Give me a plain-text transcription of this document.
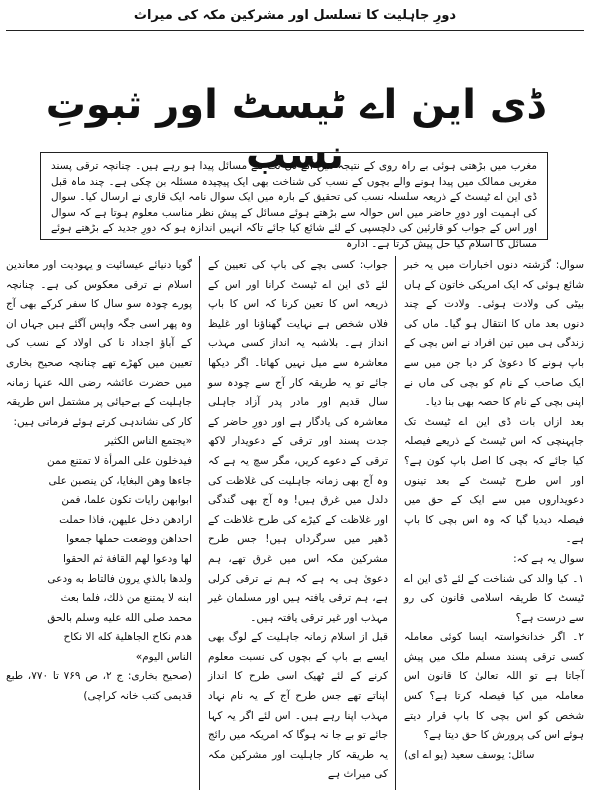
دورِ جاہلیت کا تسلسل اور مشرکین مکہ کی میراث
ڈی این اے ٹیسٹ اور ثبوتِ نسب

مغرب میں بڑھتی ہوئی بے راہ روی کے نتیجہ میں آئے دن نت نئے مسائل پیدا ہو رہے ہیں۔ چنانچہ ترقی پسند مغربی ممالک میں پیدا ہونے والے بچوں کے نسب کی شناخت بھی ایک پیچیدہ مسئلہ بن چکی ہے۔ چند ماہ قبل ڈی این اے ٹیسٹ کے ذریعہ سلسلہ نسب کی تحقیق کے بارہ میں ایک سوال نامہ ایک قاری نے ارسال کیا۔ سوال کی اہمیت اور دورِ حاضر میں اس حوالہ سے بڑھتے ہوئے مسائل کے پیش نظر مناسب معلوم ہوتا ہے کہ سوال اور اس کے جواب کو قارئین کی دلچسپی کے لئے شائع کیا جائے تاکہ انہیں اندازہ ہو کہ دورِ جدید کے بڑھتے ہوئے مسائل کا اسلام کیا حل پیش کرتا ہے۔ ادارہ

سوال: گزشتہ دنوں اخبارات میں یہ خبر شائع ہوئی کہ ایک امریکی خاتون کے ہاں بیٹی کی ولادت ہوئی۔ ولادت کے چند دنوں بعد ماں کا انتقال ہو گیا۔ ماں کی زندگی ہی میں تین افراد نے اس بچی کے باپ ہونے کا دعویٰ کر دیا جن میں سے ایک صاحب کے نام کو بچی کی ماں نے اپنی بچی کے نام کا حصہ بھی بنا دیا۔

بعد ازاں بات ڈی این اے ٹیسٹ تک جاپہنچی کہ اس ٹیسٹ کے ذریعے فیصلہ کیا جائے کہ بچی کا اصل باپ کون ہے؟ اور اس طرح ٹیسٹ کے بعد تینوں دعویداروں میں سے ایک کے حق میں فیصلہ دیدیا گیا کہ وہ اس بچی کا باپ ہے۔

سوال یہ ہے کہ:

۱۔ کیا والد کی شناخت کے لئے ڈی این اے ٹیسٹ کا طریقہ اسلامی قانون کی رو سے درست ہے؟

۲۔ اگر خدانخواستہ ایسا کوئی معاملہ کسی ترقی پسند مسلم ملک میں پیش آجاتا ہے تو اللہ تعالیٰ کا قانون اس معاملہ میں کیا فیصلہ کرتا ہے؟ کس شخص کو اس بچی کا باپ قرار دیتے ہوئے اس کی پرورش کا حق دیتا ہے؟

سائل: یوسف سعید (یو اے ای)

جواب: کسی بچے کی باپ کی تعیین کے لئے ڈی این اے ٹیسٹ کرانا اور اس کے ذریعہ اس کا تعین کرنا کہ اس کا باپ فلاں شخص ہے نہایت گھناؤنا اور غلیظ انداز ہے۔ بلاشبہ یہ انداز کسی مہذب معاشرہ سے میل نہیں کھاتا۔ اگر دیکھا جائے تو یہ طریقہ کار آج سے چودہ سو سال قدیم اور مادر پدر آزاد جاہلی معاشرہ کی یادگار ہے اور دورِ حاضر کے جدت پسند اور ترقی کے دعویدار لاکھ ترقی کے دعوے کریں، مگر سچ یہ ہے کہ وہ آج بھی زمانہ جاہلیت کی غلاظت کی دلدل میں غرق ہیں! وہ آج بھی گندگی اور غلاظت کے کیڑے کی طرح غلاظت کے ڈھیر میں سرگرداں ہیں! جس طرح مشرکین مکہ اس میں غرق تھے، ہم دعویٰ ہی یہ ہے کہ ہم نے ترقی کرلی ہے، ہم ترقی یافتہ ہیں اور مسلمان غیر مہذب اور غیر ترقی یافتہ ہیں۔

قبل از اسلام زمانہ جاہلیت کے لوگ بھی ایسے بے باپ کے بچوں کی نسبت معلوم کرنے کے لئے ٹھیک اسی طرح کا انداز اپناتے تھے جس طرح آج کے یہ نام نہاد مہذب اپنا رہے ہیں۔ اس لئے اگر یہ کہا جائے تو بے جا نہ ہوگا کہ امریکہ میں رائج یہ طریقہ کار جاہلیت اور مشرکین مکہ کی میراث ہے

گویا دنیائے عیسائیت و یہودیت اور معاندین اسلام نے ترقی معکوس کی ہے۔ چنانچہ پورے چودہ سو سال کا سفر کرکے بھی آج وہ پھر اسی جگہ واپس آگئے ہیں جہاں ان کے آباؤ اجداد نا کی اولاد کے نسب کی تعیین میں کھڑے تھے چنانچہ صحیح بخاری میں حضرت عائشہ رضی اللہ عنہا زمانہ جاہلیت کے بےحیائی پر مشتمل اس طریقہ کار کی نشاندہی کرتے ہوئے فرماتی ہیں:

«يجتمع الناس الكثير
فيدخلون على المرأة لا تمتنع ممن
جاءها وهن البغايا، كن ينصبن على
ابوابهن رايات تكون علما، فمن
ارادهن دخل عليهن، فاذا حملت
احداهن ووضعت حملها جمعوا
لها ودعوا لهم القافة ثم الحقوا
ولدها بالذي يرون فالتاط به ودعى
ابنه لا يمتنع من ذلك، فلما بعث
محمد صلى الله عليه وسلم بالحق
هدم نكاح الجاهلية كله الا نكاح
الناس اليوم»

(صحیح بخاری: ج ۲، ص ۷۶۹ تا ۷۷۰، طبع قدیمی کتب خانہ کراچی)
